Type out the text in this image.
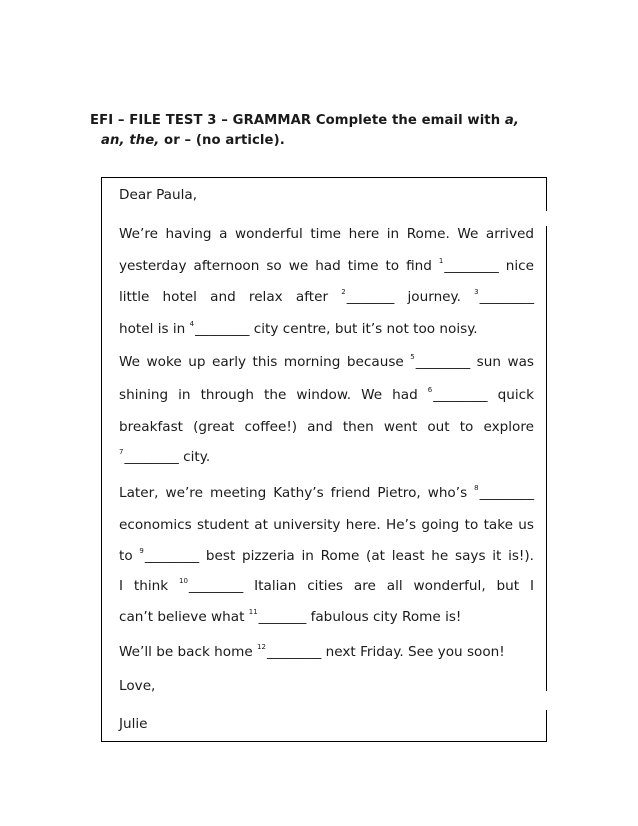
EFI – FILE TEST 3 – GRAMMAR Complete the email with a,
an, the, or – (no article).
Dear Paula,
We’re having a wonderful time here in Rome. We arrived
yesterday afternoon so we had time to find $^1$________ nice
little hotel and relax after $^2$_______ journey. $^3$________
hotel is in $^4$________ city centre, but it’s not too noisy.
We woke up early this morning because $^5$________ sun was
shining in through the window. We had $^6$________ quick
breakfast (great coffee!) and then went out to explore
$^7$________ city.
Later, we’re meeting Kathy’s friend Pietro, who’s $^8$________
economics student at university here. He’s going to take us
to $^9$________ best pizzeria in Rome (at least he says it is!).
I think $^{10}$________ Italian cities are all wonderful, but I
can’t believe what $^{11}$_______ fabulous city Rome is!
We’ll be back home $^{12}$________ next Friday. See you soon!
Love,
Julie
